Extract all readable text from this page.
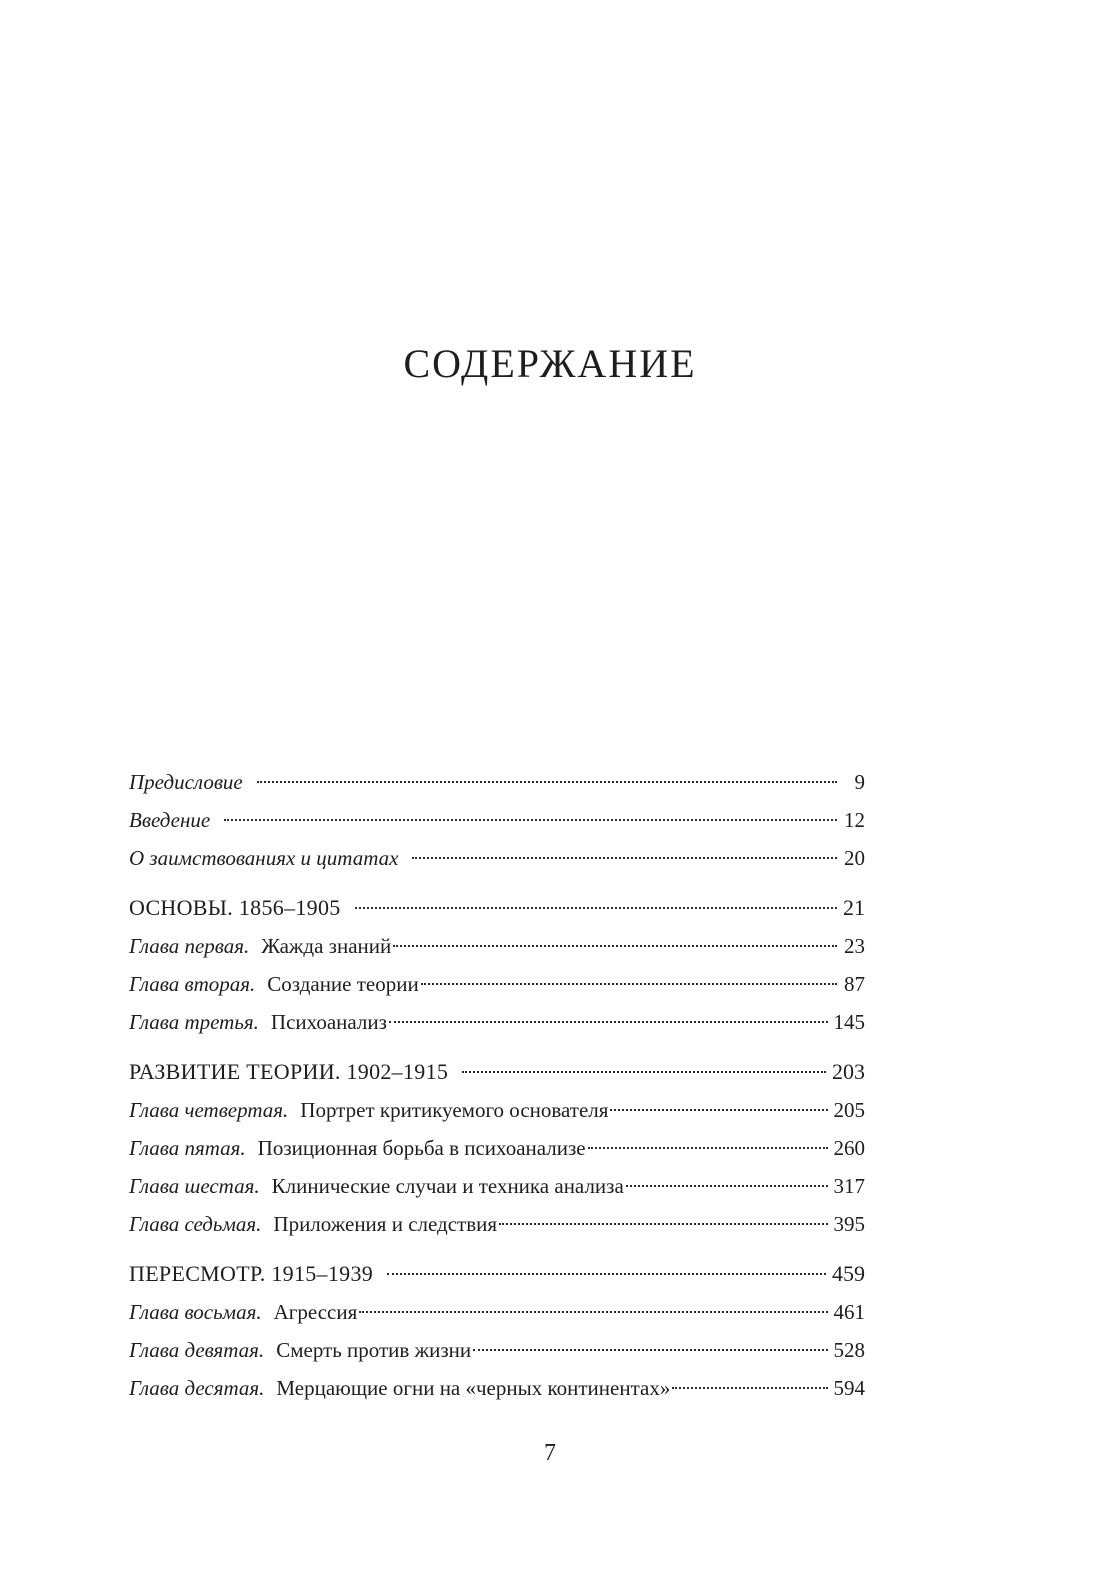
СОДЕРЖАНИЕ
Предисловие	9
Введение	12
О заимствованиях и цитатах	20
ОСНОВЫ. 1856–1905	21
Глава первая. Жажда знаний	23
Глава вторая. Создание теории	87
Глава третья. Психоанализ	145
РАЗВИТИЕ ТЕОРИИ. 1902–1915	203
Глава четвертая. Портрет критикуемого основателя	205
Глава пятая. Позиционная борьба в психоанализе	260
Глава шестая. Клинические случаи и техника анализа	317
Глава седьмая. Приложения и следствия	395
ПЕРЕСМОТР. 1915–1939	459
Глава восьмая. Агрессия	461
Глава девятая. Смерть против жизни	528
Глава десятая. Мерцающие огни на «черных континентах»	594
7
